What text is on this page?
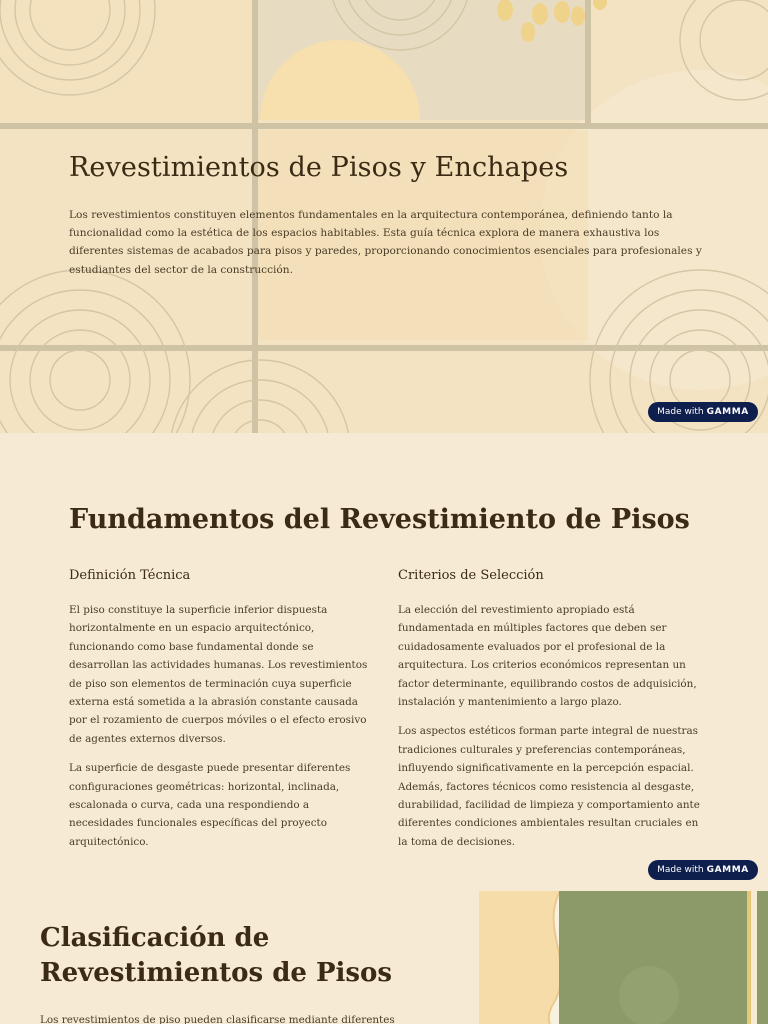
Revestimientos de Pisos y Enchapes

Los revestimientos constituyen elementos fundamentales en la arquitectura contemporánea, definiendo tanto la funcionalidad como la estética de los espacios habitables. Esta guía técnica explora de manera exhaustiva los diferentes sistemas de acabados para pisos y paredes, proporcionando conocimientos esenciales para profesionales y estudiantes del sector de la construcción.

Made with GAMMA
Fundamentos del Revestimiento de Pisos
Definición Técnica

El piso constituye la superficie inferior dispuesta horizontalmente en un espacio arquitectónico, funcionando como base fundamental donde se desarrollan las actividades humanas. Los revestimientos de piso son elementos de terminación cuya superficie externa está sometida a la abrasión constante causada por el rozamiento de cuerpos móviles o el efecto erosivo de agentes externos diversos.

La superficie de desgaste puede presentar diferentes configuraciones geométricas: horizontal, inclinada, escalonada o curva, cada una respondiendo a necesidades funcionales específicas del proyecto arquitectónico.

Criterios de Selección

La elección del revestimiento apropiado está fundamentada en múltiples factores que deben ser cuidadosamente evaluados por el profesional de la arquitectura. Los criterios económicos representan un factor determinante, equilibrando costos de adquisición, instalación y mantenimiento a largo plazo.

Los aspectos estéticos forman parte integral de nuestras tradiciones culturales y preferencias contemporáneas, influyendo significativamente en la percepción espacial. Además, factores técnicos como resistencia al desgaste, durabilidad, facilidad de limpieza y comportamiento ante diferentes condiciones ambientales resultan cruciales en la toma de decisiones.

Made with GAMMA
Clasificación de Revestimientos de Pisos

Los revestimientos de piso pueden clasificarse mediante diferentes
